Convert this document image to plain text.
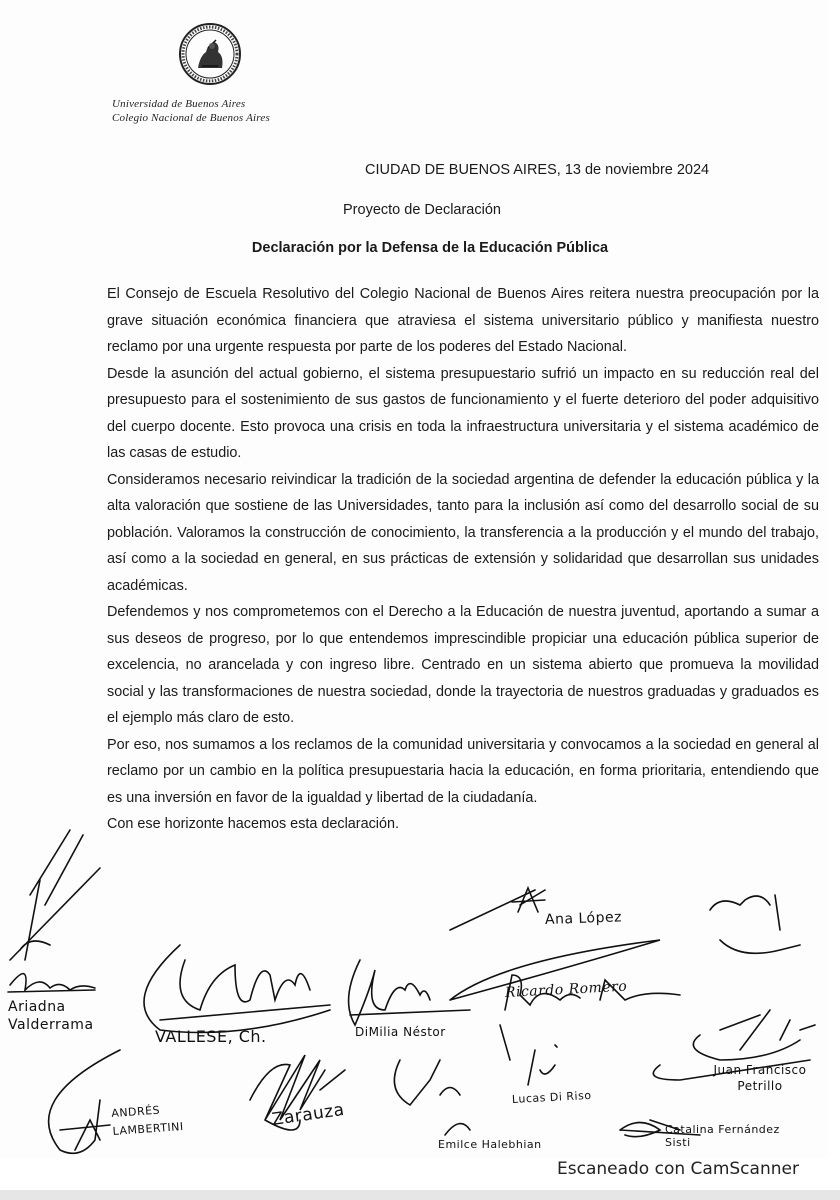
Universidad de Buenos Aires
Colegio Nacional de Buenos Aires
CIUDAD DE BUENOS AIRES, 13 de noviembre 2024
Proyecto de Declaración
Declaración por la Defensa de la Educación Pública

El Consejo de Escuela Resolutivo del Colegio Nacional de Buenos Aires reitera nuestra preocupación por la grave situación económica financiera que atraviesa el sistema universitario público y manifiesta nuestro reclamo por una urgente respuesta por parte de los poderes del Estado Nacional.

Desde la asunción del actual gobierno, el sistema presupuestario sufrió un impacto en su reducción real del presupuesto para el sostenimiento de sus gastos de funcionamiento y el fuerte deterioro del poder adquisitivo del cuerpo docente. Esto provoca una crisis en toda la infraestructura universitaria y el sistema académico de las casas de estudio.

Consideramos necesario reivindicar la tradición de la sociedad argentina de defender la educación pública y la alta valoración que sostiene de las Universidades, tanto para la inclusión así como del desarrollo social de su población. Valoramos la construcción de conocimiento, la transferencia a la producción y el mundo del trabajo, así como a la sociedad en general, en sus prácticas de extensión y solidaridad que desarrollan sus unidades académicas.

Defendemos y nos comprometemos con el Derecho a la Educación de nuestra juventud, aportando a sumar a sus deseos de progreso, por lo que entendemos imprescindible propiciar una educación pública superior de excelencia, no arancelada y con ingreso libre. Centrado en un sistema abierto que promueva la movilidad social y las transformaciones de nuestra sociedad, donde la trayectoria de nuestros graduadas y graduados es el ejemplo más claro de esto.

Por eso, nos sumamos a los reclamos de la comunidad universitaria y convocamos a la sociedad en general al reclamo por un cambio en la política presupuestaria hacia la educación, en forma prioritaria, entendiendo que es una inversión en favor de la igualdad y libertad de la ciudadanía.

Con ese horizonte hacemos esta declaración.

Ana López
Ariadna Valderrama
VALLESE, Ch.	DiMilia Néstor
Ricardo Romero
Juan Francisco Petrillo
ANDRÉS LAMBERTINI	Zarauza
Lucas Di Riso
Emilce Halebhian
Catalina Fernández Sisti
Escaneado con CamScanner
